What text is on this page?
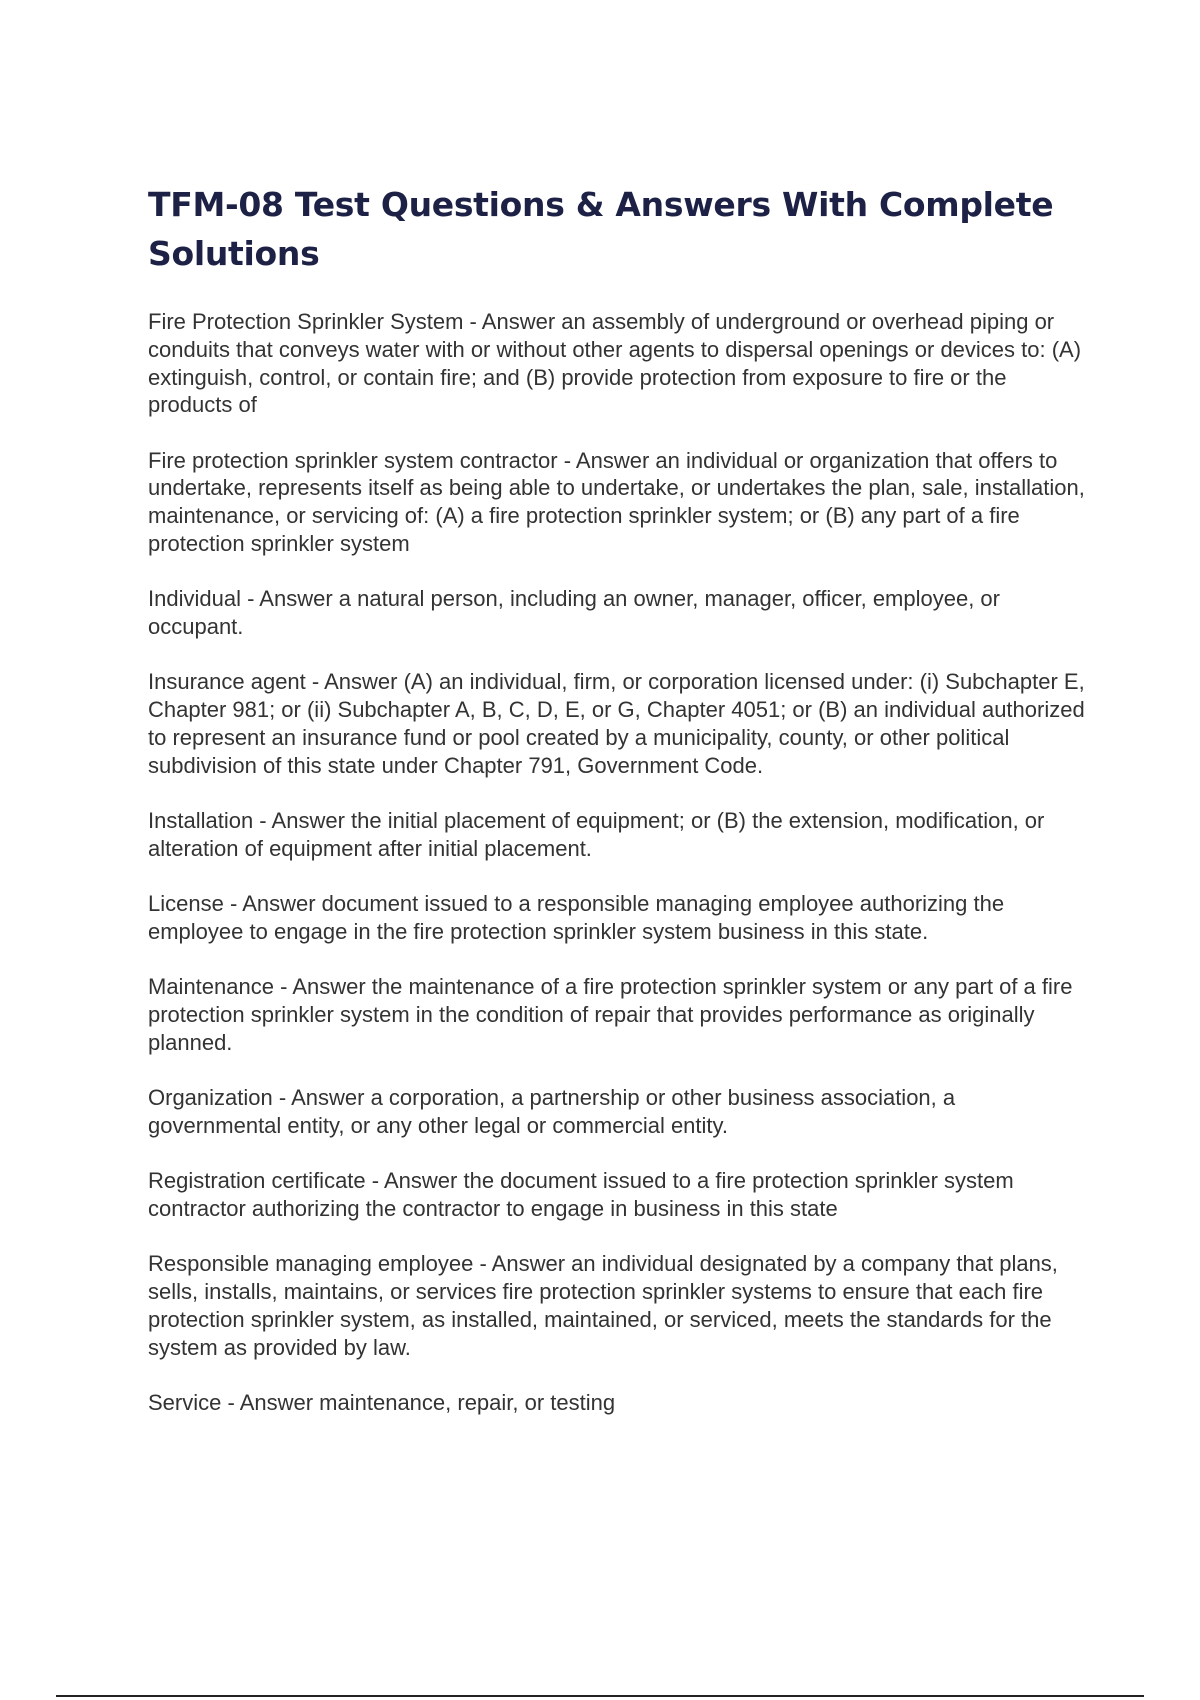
TFM-08 Test Questions & Answers With Complete Solutions
Fire Protection Sprinkler System - Answer an assembly of underground or overhead piping or conduits that conveys water with or without other agents to dispersal openings or devices to: (A) extinguish, control, or contain fire; and (B) provide protection from exposure to fire or the products of
Fire protection sprinkler system contractor - Answer an individual or organization that offers to undertake, represents itself as being able to undertake, or undertakes the plan, sale, installation, maintenance, or servicing of: (A) a fire protection sprinkler system; or (B) any part of a fire protection sprinkler system
Individual - Answer a natural person, including an owner, manager, officer, employee, or occupant.
Insurance agent - Answer (A) an individual, firm, or corporation licensed under: (i) Subchapter E, Chapter 981; or (ii) Subchapter A, B, C, D, E, or G, Chapter 4051; or (B) an individual authorized to represent an insurance fund or pool created by a municipality, county, or other political subdivision of this state under Chapter 791, Government Code.
Installation - Answer the initial placement of equipment; or (B) the extension, modification, or alteration of equipment after initial placement.
License - Answer document issued to a responsible managing employee authorizing the employee to engage in the fire protection sprinkler system business in this state.
Maintenance - Answer the maintenance of a fire protection sprinkler system or any part of a fire protection sprinkler system in the condition of repair that provides performance as originally planned.
Organization - Answer a corporation, a partnership or other business association, a governmental entity, or any other legal or commercial entity.
Registration certificate - Answer the document issued to a fire protection sprinkler system contractor authorizing the contractor to engage in business in this state
Responsible managing employee - Answer an individual designated by a company that plans, sells, installs, maintains, or services fire protection sprinkler systems to ensure that each fire protection sprinkler system, as installed, maintained, or serviced, meets the standards for the system as provided by law.
Service - Answer maintenance, repair, or testing
